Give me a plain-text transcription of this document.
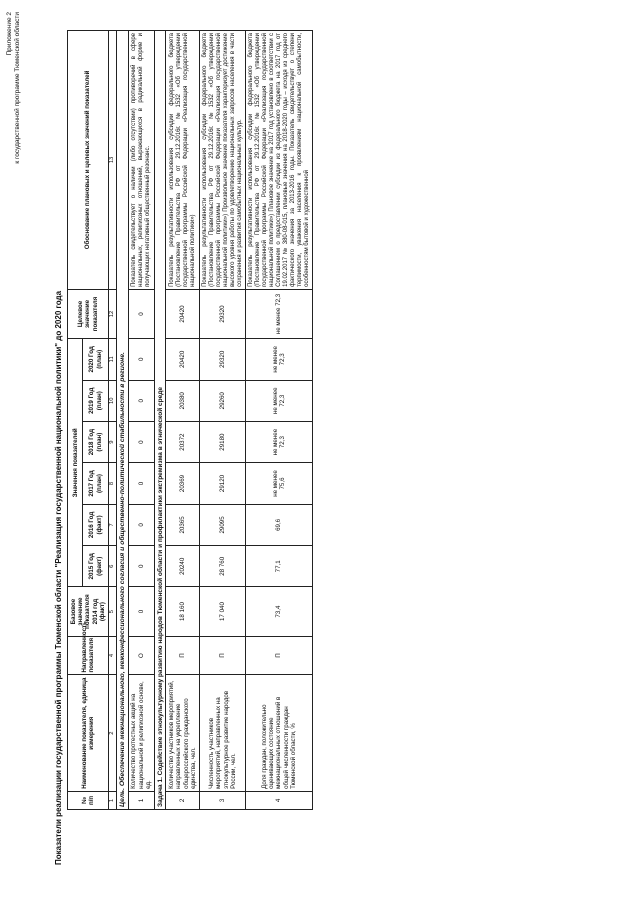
Приложение 2 к государственной программе Тюменской области
Показатели реализации государственной программы Тюменской области "Реализация государственной национальной политики" до 2020 года	№ п/п	Наименование показателя, единица измерения	Направленность показателя	Базовое значение показателя 2014 год (факт)	Значения показателей						Целевое значение показателя	Обоснование плановых и целевых значений показателей
				2015 Год (факт)	2016 Год (факт)	2017 Год (план)	2018 Год (план)	2019 Год (план)	2020 Год (план)		
1	2	4	5	6	7	8	9	10	11	12	13
Цель. Обеспечение межнационального, межконфессионального согласия и общественно-политической стабильности в регионе.											
1	Количество протестных акций на национальной и религиозной основе, ед.	О	0	0	0	0	0	0	0	0	Показатель свидетельствует о наличии (либо отсутствии) противоречий в сфере национальных, религиозных отношений, выражающихся в радикальной форме и получающих негативный общественный резонанс.
Задача 1. Содействие этнокультурному развитию народов Тюменской области и профилактики экстремизма в этнической среде											
2	Количество участников мероприятий, направленных на укрепление общероссийского гражданского единства, чел.	П	18 160	20240	20365	20369	20372	20380	20420	20420	Показатель результативности использования субсидии федерального бюджета (Постановление Правительства РФ от 29.12.2016г. №1532 «Об утверждении государственной программы Российской Федерации «Реализация государственной национальной политики»)
3	Численность участников мероприятий, направленных на этнокультурное развитие народов России, чел.	П	17 040	28 760	29095	29120	29180	29260	29320	29320	Показатель результативности использования субсидии федерального бюджета (Постановление Правительства РФ от 29.12.2016г. №1532 «Об утверждении государственной программы Российской Федерации «Реализация государственной национальной политики») Произвольное значение показателя характеризует достижение высокого уровня работы по удовлетворению национальных запросов населения в части сохранения и развития самобытных национальных культур.
4	Доля граждан, положительно оценивающих состояние межнациональных отношений в общей численности граждан Тюменской области, %	П	73,4	77,1	69,6	не менее 75,6	не менее 72,3	не менее 72,3	не менее 72,3	не менее 72,3	Показатель результативности использования субсидии федерального бюджета (Постановление Правительства РФ от 29.12.2016г. №1532 «Об утверждении государственной программы Российской Федерации «Реализация государственной национальной политики») Плановое значение на 2017 год установлено в соответствии с Соглашением о предоставлении субсидии из федерального бюджета на 2017 год от 19.02.2017 № 380-08-015, плановые значения на 2018-2020 годы – исходя из среднего фактического значения за 2013-2016 годы. Показатель свидетельствует о степени терпимости, уважения населения к проявлениям национальной самобытности, особенностям бытовой и художественной
